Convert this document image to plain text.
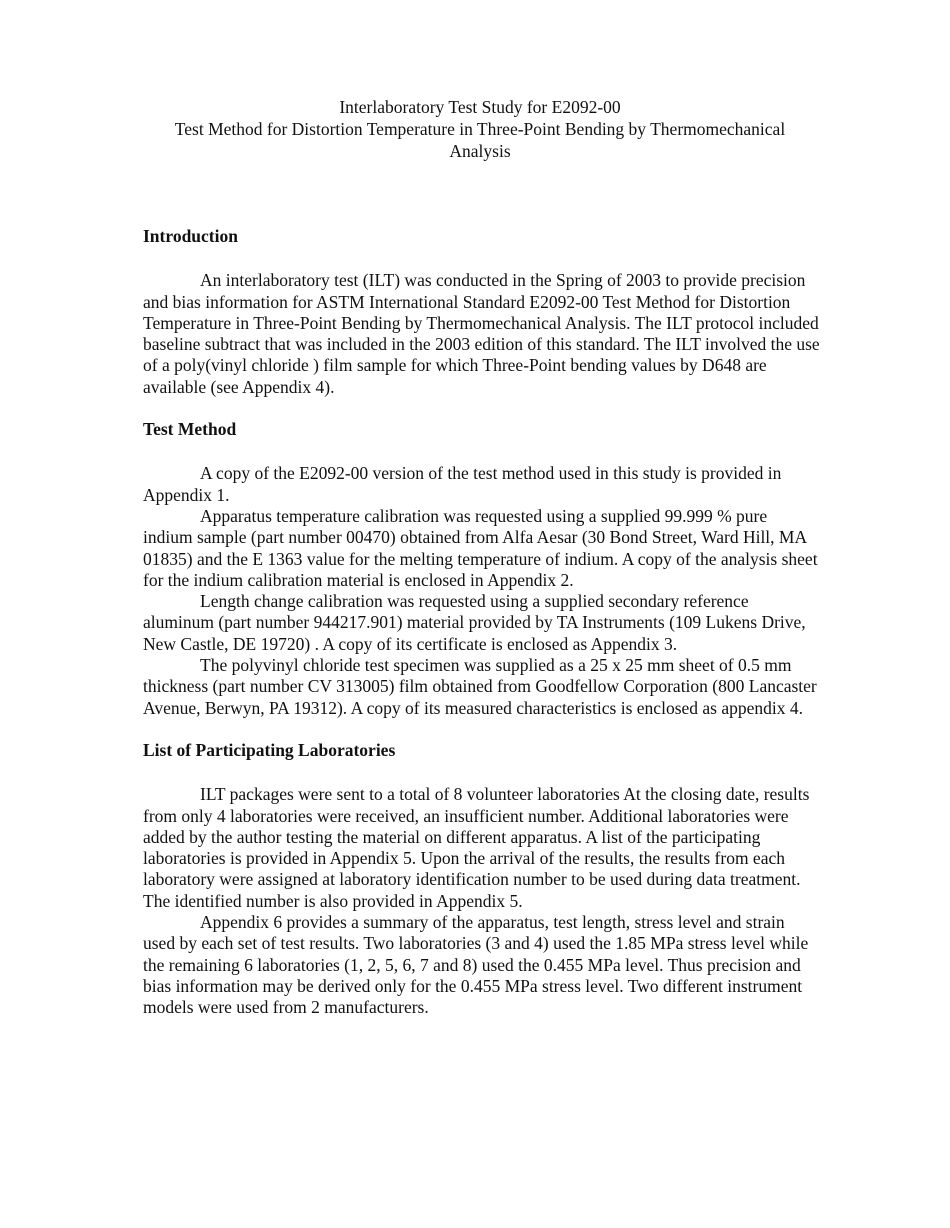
Interlaboratory Test Study for E2092-00
Test Method for Distortion Temperature in Three-Point Bending by Thermomechanical
Analysis

Introduction

An interlaboratory test (ILT) was conducted in the Spring of 2003 to provide precision and bias information for ASTM International Standard E2092-00 Test Method for Distortion Temperature in Three-Point Bending by Thermomechanical Analysis. The ILT protocol included baseline subtract that was included in the 2003 edition of this standard. The ILT involved the use of a poly(vinyl chloride ) film sample for which Three-Point bending values by D648 are available (see Appendix 4).

Test Method

A copy of the E2092-00 version of the test method used in this study is provided in Appendix 1.

Apparatus temperature calibration was requested using a supplied 99.999 % pure indium sample (part number 00470) obtained from Alfa Aesar (30 Bond Street, Ward Hill, MA 01835) and the E 1363 value for the melting temperature of indium. A copy of the analysis sheet for the indium calibration material is enclosed in Appendix 2.

Length change calibration was requested using a supplied secondary reference aluminum (part number 944217.901) material provided by TA Instruments (109 Lukens Drive, New Castle, DE 19720) . A copy of its certificate is enclosed as Appendix 3.

The polyvinyl chloride test specimen was supplied as a 25 x 25 mm sheet of 0.5 mm thickness (part number CV 313005) film obtained from Goodfellow Corporation (800 Lancaster Avenue, Berwyn, PA 19312). A copy of its measured characteristics is enclosed as appendix 4.

List of Participating Laboratories

ILT packages were sent to a total of 8 volunteer laboratories At the closing date, results from only 4 laboratories were received, an insufficient number. Additional laboratories were added by the author testing the material on different apparatus. A list of the participating laboratories is provided in Appendix 5. Upon the arrival of the results, the results from each laboratory were assigned at laboratory identification number to be used during data treatment. The identified number is also provided in Appendix 5.

Appendix 6 provides a summary of the apparatus, test length, stress level and strain used by each set of test results. Two laboratories (3 and 4) used the 1.85 MPa stress level while the remaining 6 laboratories (1, 2, 5, 6, 7 and 8) used the 0.455 MPa level. Thus precision and bias information may be derived only for the 0.455 MPa stress level. Two different instrument models were used from 2 manufacturers.
